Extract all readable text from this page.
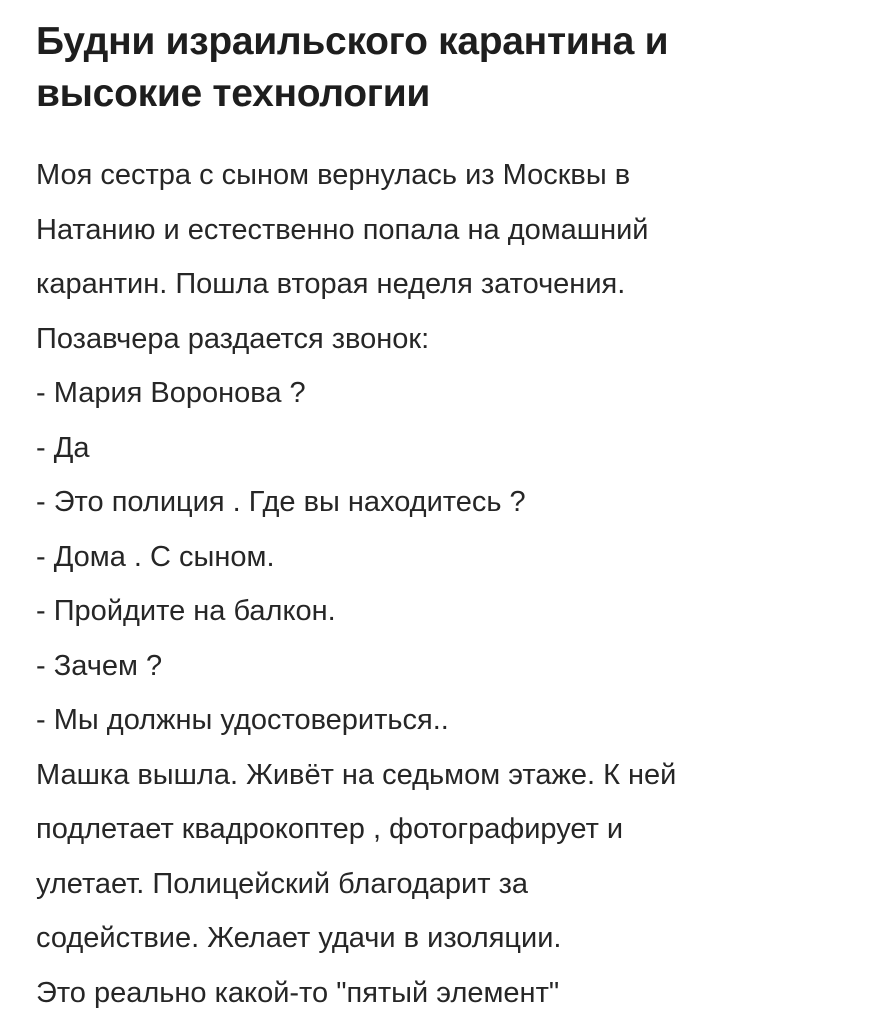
Будни израильского карантина и
высокие технологии
Моя сестра с сыном вернулась из Москвы в
Натанию и естественно попала на домашний
карантин. Пошла вторая неделя заточения.
Позавчера раздается звонок:
- Мария Воронова ?
- Да
- Это полиция . Где вы находитесь ?
- Дома . С сыном.
- Пройдите на балкон.
- Зачем ?
- Мы должны удостовериться..
Машка вышла. Живёт на седьмом этаже. К ней
подлетает квадрокоптер , фотографирует и
улетает. Полицейский благодарит за
содействие. Желает удачи в изоляции.
Это реально какой-то "пятый элемент"
